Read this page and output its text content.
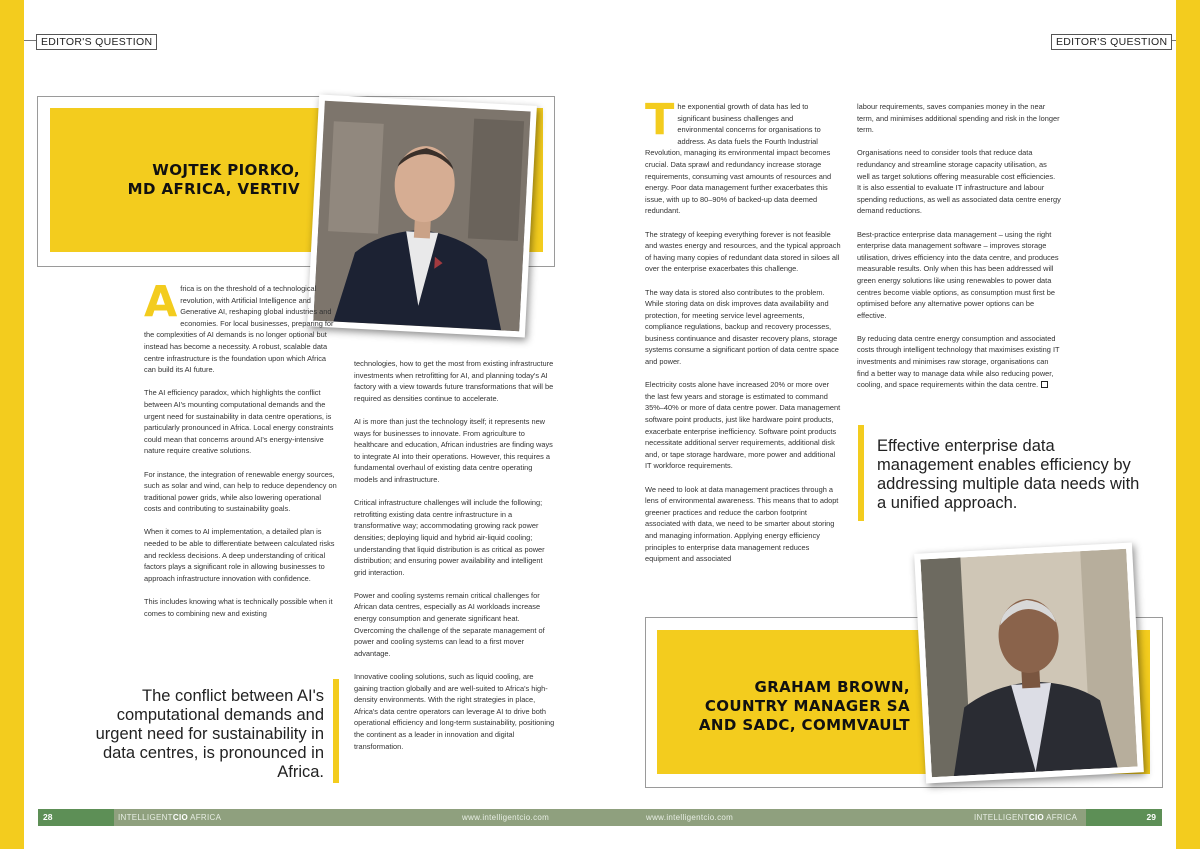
EDITOR'S QUESTION	EDITOR'S QUESTION
WOJTEK PIORKO,
MD AFRICA, VERTIV
A frica is on the threshold of a technological revolution, with Artificial Intelligence and Generative AI, reshaping global industries and economies. For local businesses, preparing for the complexities of AI demands is no longer optional but instead has become a necessity. A robust, scalable data centre infrastructure is the foundation upon which Africa can build its AI future.

The AI efficiency paradox, which highlights the conflict between AI's mounting computational demands and the urgent need for sustainability in data centre operations, is particularly pronounced in Africa. Local energy constraints could mean that concerns around AI's energy-intensive nature require creative solutions.

For instance, the integration of renewable energy sources, such as solar and wind, can help to reduce dependency on traditional power grids, while also lowering operational costs and contributing to sustainability goals.

When it comes to AI implementation, a detailed plan is needed to be able to differentiate between calculated risks and reckless decisions. A deep understanding of critical factors plays a significant role in allowing businesses to approach infrastructure innovation with confidence.

This includes knowing what is technically possible when it comes to combining new and existing

technologies, how to get the most from existing infrastructure investments when retrofitting for AI, and planning today's AI factory with a view towards future transformations that will be required as densities continue to accelerate.

AI is more than just the technology itself; it represents new ways for businesses to innovate. From agriculture to healthcare and education, African industries are finding ways to integrate AI into their operations. However, this requires a fundamental overhaul of existing data centre operating models and infrastructure.

Critical infrastructure challenges will include the following; retrofitting existing data centre infrastructure in a transformative way; accommodating growing rack power densities; deploying liquid and hybrid air-liquid cooling; understanding that liquid distribution is as critical as power distribution; and ensuring power availability and intelligent grid interaction.

Power and cooling systems remain critical challenges for African data centres, especially as AI workloads increase energy consumption and generate significant heat. Overcoming the challenge of the separate management of power and cooling systems can lead to a first mover advantage.

Innovative cooling solutions, such as liquid cooling, are gaining traction globally and are well-suited to Africa's high-density environments. With the right strategies in place, Africa's data centre operators can leverage AI to drive both operational efficiency and long-term sustainability, positioning the continent as a leader in innovation and digital transformation.

The conflict between AI's computational demands and urgent need for sustainability in data centres, is pronounced in Africa.
T he exponential growth of data has led to significant business challenges and environmental concerns for organisations to address. As data fuels the Fourth Industrial Revolution, managing its environmental impact becomes crucial. Data sprawl and redundancy increase storage requirements, consuming vast amounts of resources and energy. Poor data management further exacerbates this issue, with up to 80–90% of backed-up data deemed redundant.

The strategy of keeping everything forever is not feasible and wastes energy and resources, and the typical approach of having many copies of redundant data stored in siloes all over the enterprise exacerbates this challenge.

The way data is stored also contributes to the problem. While storing data on disk improves data availability and protection, for meeting service level agreements, compliance regulations, backup and recovery processes, business continuance and disaster recovery plans, storage systems consume a significant portion of data centre space and power.

Electricity costs alone have increased 20% or more over the last few years and storage is estimated to command 35%–40% or more of data centre power. Data management software point products, just like hardware point products, exacerbate enterprise inefficiency. Software point products necessitate additional server requirements, additional disk and, or tape storage hardware, more power and additional IT workforce requirements.

We need to look at data management practices through a lens of environmental awareness. This means that to adopt greener practices and reduce the carbon footprint associated with data, we need to be smarter about storing and managing information. Applying energy efficiency principles to enterprise data management reduces equipment and associated

labour requirements, saves companies money in the near term, and minimises additional spending and risk in the longer term.

Organisations need to consider tools that reduce data redundancy and streamline storage capacity utilisation, as well as target solutions offering measurable cost efficiencies. It is also essential to evaluate IT infrastructure and labour spending reductions, as well as associated data centre energy demand reductions.

Best-practice enterprise data management – using the right enterprise data management software – improves storage utilisation, drives efficiency into the data centre, and produces measurable results. Only when this has been addressed will green energy solutions like using renewables to power data centres become viable options, as consumption must first be optimised before any alternative power options can be effective.

By reducing data centre energy consumption and associated costs through intelligent technology that maximises existing IT investments and minimises raw storage, organisations can find a better way to manage data while also reducing power, cooling, and space requirements within the data centre.

Effective enterprise data management enables efficiency by addressing multiple data needs with a unified approach.
GRAHAM BROWN,
COUNTRY MANAGER SA
AND SADC, COMMVAULT
28	29
INTELLIGENTCIO AFRICA	www.intelligentcio.com	www.intelligentcio.com	INTELLIGENTCIO AFRICA
